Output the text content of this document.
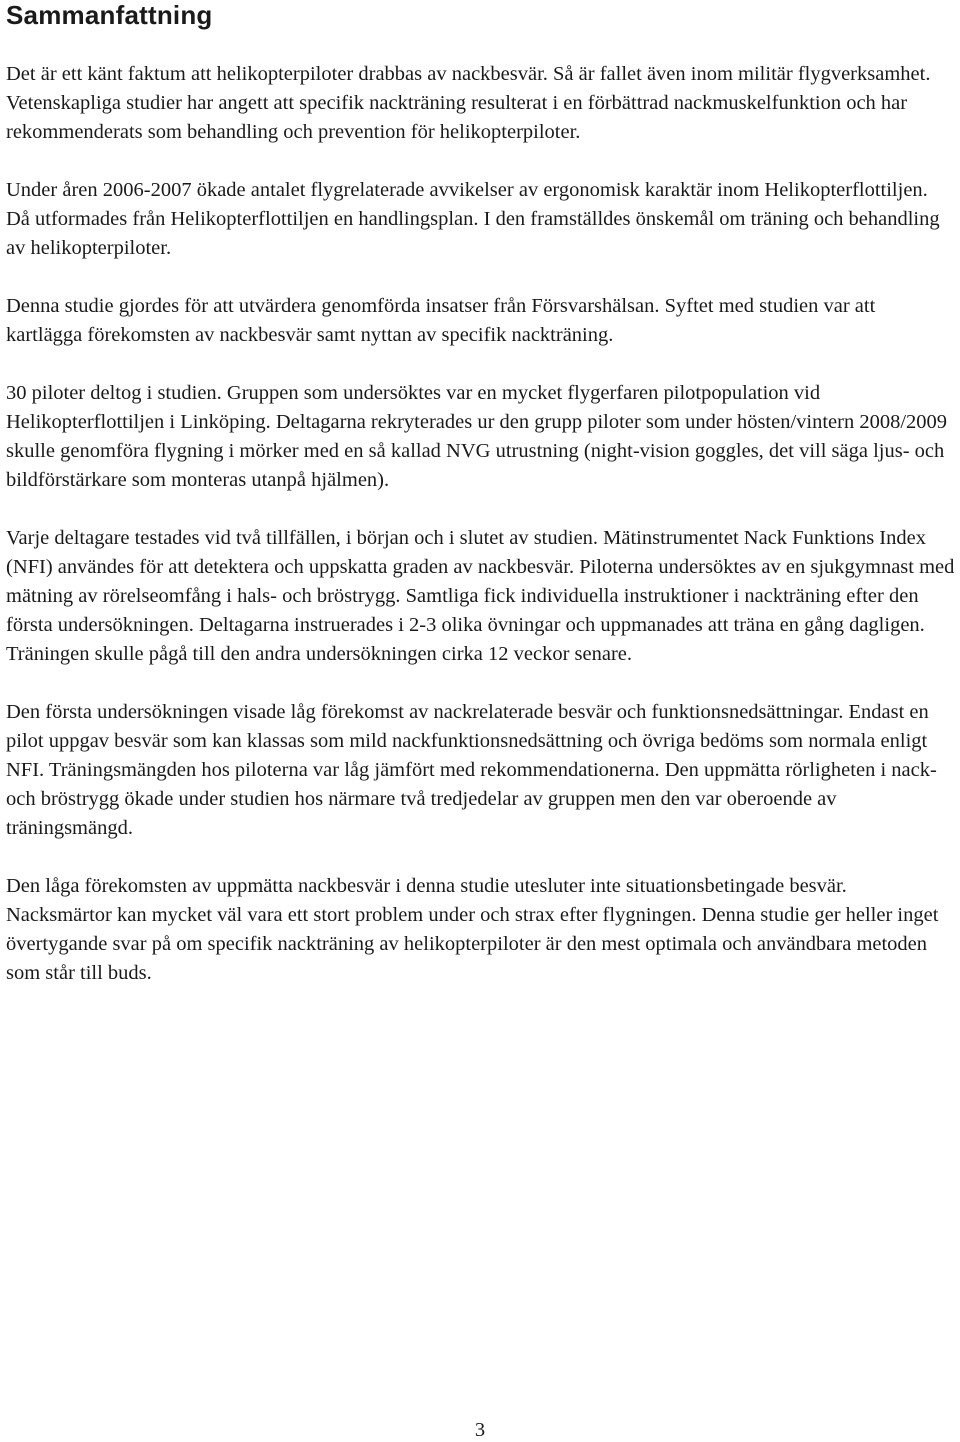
Sammanfattning

Det är ett känt faktum att helikopterpiloter drabbas av nackbesvär. Så är fallet även inom militär flygverksamhet. Vetenskapliga studier har angett att specifik nackträning resulterat i en förbättrad nackmuskelfunktion och har rekommenderats som behandling och prevention för helikopterpiloter.

Under åren 2006-2007 ökade antalet flygrelaterade avvikelser av ergonomisk karaktär inom Helikopterflottiljen. Då utformades från Helikopterflottiljen en handlingsplan. I den framställdes önskemål om träning och behandling av helikopterpiloter.

Denna studie gjordes för att utvärdera genomförda insatser från Försvarshälsan. Syftet med studien var att kartlägga förekomsten av nackbesvär samt nyttan av specifik nackträning.

30 piloter deltog i studien. Gruppen som undersöktes var en mycket flygerfaren pilotpopulation vid Helikopterflottiljen i Linköping. Deltagarna rekryterades ur den grupp piloter som under hösten/vintern 2008/2009 skulle genomföra flygning i mörker med en så kallad NVG utrustning (night-vision goggles, det vill säga ljus- och bildförstärkare som monteras utanpå hjälmen).

Varje deltagare testades vid två tillfällen, i början och i slutet av studien. Mätinstrumentet Nack Funktions Index (NFI) användes för att detektera och uppskatta graden av nackbesvär. Piloterna undersöktes av en sjukgymnast med mätning av rörelseomfång i hals- och bröstrygg. Samtliga fick individuella instruktioner i nackträning efter den första undersökningen. Deltagarna instruerades i 2-3 olika övningar och uppmanades att träna en gång dagligen. Träningen skulle pågå till den andra undersökningen cirka 12 veckor senare.

Den första undersökningen visade låg förekomst av nackrelaterade besvär och funktionsnedsättningar. Endast en pilot uppgav besvär som kan klassas som mild nackfunktionsnedsättning och övriga bedöms som normala enligt NFI. Träningsmängden hos piloterna var låg jämfört med rekommendationerna. Den uppmätta rörligheten i nack- och bröstrygg ökade under studien hos närmare två tredjedelar av gruppen men den var oberoende av träningsmängd.

Den låga förekomsten av uppmätta nackbesvär i denna studie utesluter inte situationsbetingade besvär. Nacksmärtor kan mycket väl vara ett stort problem under och strax efter flygningen. Denna studie ger heller inget övertygande svar på om specifik nackträning av helikopterpiloter är den mest optimala och användbara metoden som står till buds.

3
